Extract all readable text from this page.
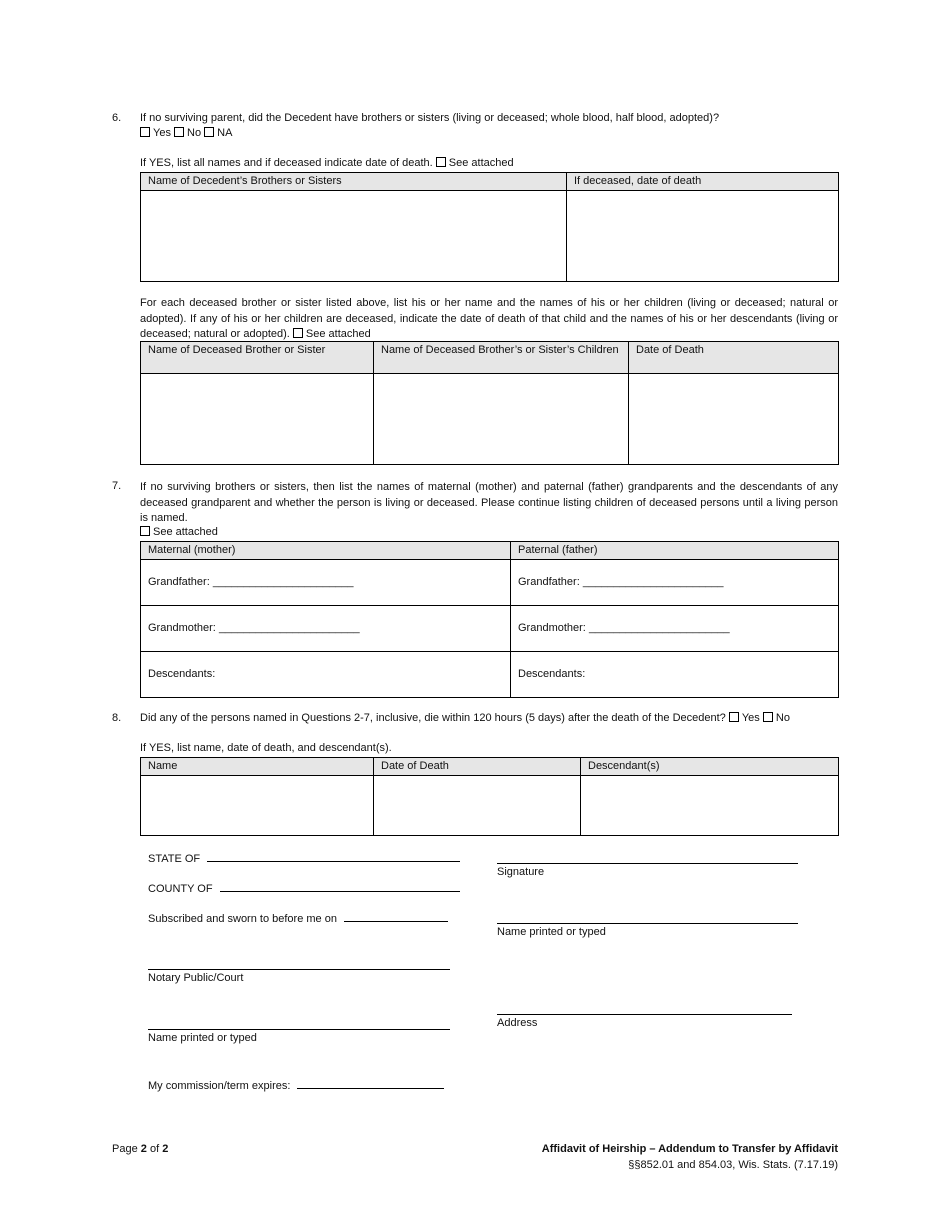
6. If no surviving parent, did the Decedent have brothers or sisters (living or deceased; whole blood, half blood, adopted)?
Yes No NA
If YES, list all names and if deceased indicate date of death. See attached
Name of Decedent’s Brothers or Sisters	If deceased, date of death

For each deceased brother or sister listed above, list his or her name and the names of his or her children (living or deceased; natural or adopted). If any of his or her children are deceased, indicate the date of death of that child and the names of his or her descendants (living or deceased; natural or adopted). See attached
Name of Deceased Brother or Sister	Name of Deceased Brother’s or Sister’s Children	Date of Death

7. If no surviving brothers or sisters, then list the names of maternal (mother) and paternal (father) grandparents and the descendants of any deceased grandparent and whether the person is living or deceased. Please continue listing children of deceased persons until a living person is named.
See attached
Maternal (mother)	Paternal (father)
Grandfather: _______________________	Grandfather: _______________________
Grandmother: _______________________	Grandmother: _______________________
Descendants:	Descendants:
8. Did any of the persons named in Questions 2-7, inclusive, die within 120 hours (5 days) after the death of the Decedent? Yes No
If YES, list name, date of death, and descendant(s).
Name	Date of Death	Descendant(s)

STATE OF
COUNTY OF
Subscribed and sworn to before me on
Notary Public/Court
Name printed or typed
My commission/term expires:
Signature
Name printed or typed
Address
Page 2 of 2	Affidavit of Heirship – Addendum to Transfer by Affidavit
§§852.01 and 854.03, Wis. Stats. (7.17.19)
